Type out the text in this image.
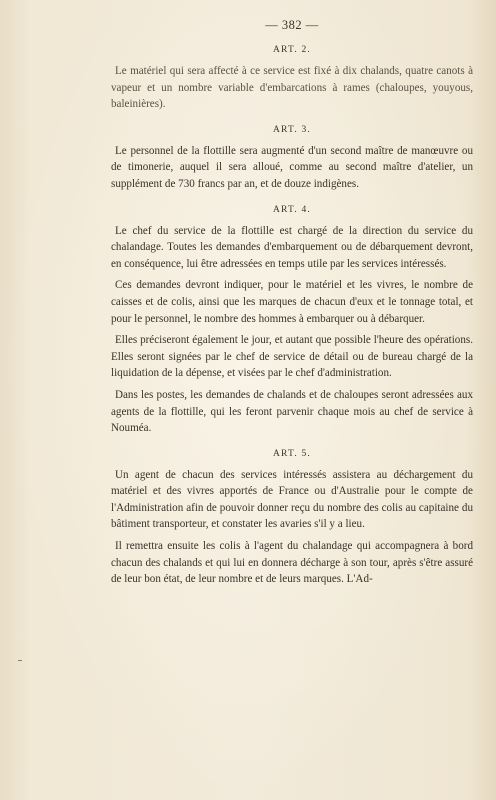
— 382 —
ART. 2.

Le matériel qui sera affecté à ce service est fixé à dix chalands, quatre canots à vapeur et un nombre variable d'embarcations à rames (chaloupes, youyous, baleinières).

ART. 3.

Le personnel de la flottille sera augmenté d'un second maître de manœuvre ou de timonerie, auquel il sera alloué, comme au second maître d'atelier, un supplément de 730 francs par an, et de douze indigènes.

ART. 4.

Le chef du service de la flottille est chargé de la direction du service du chalandage. Toutes les demandes d'embarquement ou de débarquement devront, en conséquence, lui être adressées en temps utile par les services intéressés.

Ces demandes devront indiquer, pour le matériel et les vivres, le nombre de caisses et de colis, ainsi que les marques de chacun d'eux et le tonnage total, et pour le personnel, le nombre des hommes à embarquer ou à débarquer.

Elles préciseront également le jour, et autant que possible l'heure des opérations. Elles seront signées par le chef de service de détail ou de bureau chargé de la liquidation de la dépense, et visées par le chef d'administration.

Dans les postes, les demandes de chalands et de chaloupes seront adressées aux agents de la flottille, qui les feront parvenir chaque mois au chef de service à Nouméa.

ART. 5.

Un agent de chacun des services intéressés assistera au déchargement du matériel et des vivres apportés de France ou d'Australie pour le compte de l'Administration afin de pouvoir donner reçu du nombre des colis au capitaine du bâtiment transporteur, et constater les avaries s'il y a lieu.

Il remettra ensuite les colis à l'agent du chalandage qui accompagnera à bord chacun des chalands et qui lui en donnera décharge à son tour, après s'être assuré de leur bon état, de leur nombre et de leurs marques. L'Ad-
